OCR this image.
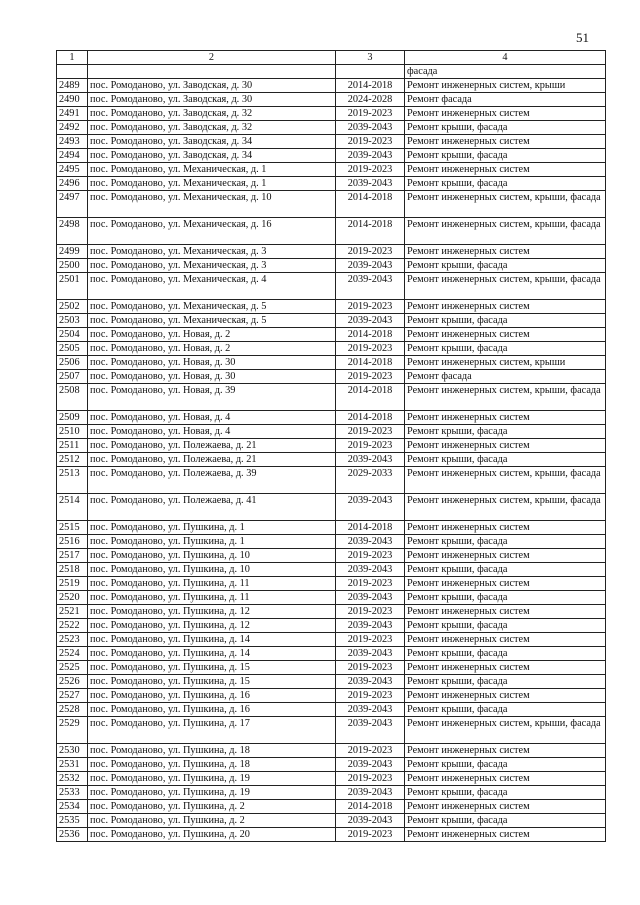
51
1	2	3	4
			фасада
2489	пос. Ромоданово, ул. Заводская, д. 30	2014-2018	Ремонт инженерных систем, крыши
2490	пос. Ромоданово, ул. Заводская, д. 30	2024-2028	Ремонт фасада
2491	пос. Ромоданово, ул. Заводская, д. 32	2019-2023	Ремонт инженерных систем
2492	пос. Ромоданово, ул. Заводская, д. 32	2039-2043	Ремонт крыши, фасада
2493	пос. Ромоданово, ул. Заводская, д. 34	2019-2023	Ремонт инженерных систем
2494	пос. Ромоданово, ул. Заводская, д. 34	2039-2043	Ремонт крыши, фасада
2495	пос. Ромоданово, ул. Механическая, д. 1	2019-2023	Ремонт инженерных систем
2496	пос. Ромоданово, ул. Механическая, д. 1	2039-2043	Ремонт крыши, фасада
2497	пос. Ромоданово, ул. Механическая, д. 10	2014-2018	Ремонт инженерных систем, крыши, фасада
2498	пос. Ромоданово, ул. Механическая, д. 16	2014-2018	Ремонт инженерных систем, крыши, фасада
2499	пос. Ромоданово, ул. Механическая, д. 3	2019-2023	Ремонт инженерных систем
2500	пос. Ромоданово, ул. Механическая, д. 3	2039-2043	Ремонт крыши, фасада
2501	пос. Ромоданово, ул. Механическая, д. 4	2039-2043	Ремонт инженерных систем, крыши, фасада
2502	пос. Ромоданово, ул. Механическая, д. 5	2019-2023	Ремонт инженерных систем
2503	пос. Ромоданово, ул. Механическая, д. 5	2039-2043	Ремонт крыши, фасада
2504	пос. Ромоданово, ул. Новая, д. 2	2014-2018	Ремонт инженерных систем
2505	пос. Ромоданово, ул. Новая, д. 2	2019-2023	Ремонт крыши, фасада
2506	пос. Ромоданово, ул. Новая, д. 30	2014-2018	Ремонт инженерных систем, крыши
2507	пос. Ромоданово, ул. Новая, д. 30	2019-2023	Ремонт фасада
2508	пос. Ромоданово, ул. Новая, д. 39	2014-2018	Ремонт инженерных систем, крыши, фасада
2509	пос. Ромоданово, ул. Новая, д. 4	2014-2018	Ремонт инженерных систем
2510	пос. Ромоданово, ул. Новая, д. 4	2019-2023	Ремонт крыши, фасада
2511	пос. Ромоданово, ул. Полежаева, д. 21	2019-2023	Ремонт инженерных систем
2512	пос. Ромоданово, ул. Полежаева, д. 21	2039-2043	Ремонт крыши, фасада
2513	пос. Ромоданово, ул. Полежаева, д. 39	2029-2033	Ремонт инженерных систем, крыши, фасада
2514	пос. Ромоданово, ул. Полежаева, д. 41	2039-2043	Ремонт инженерных систем, крыши, фасада
2515	пос. Ромоданово, ул. Пушкина, д. 1	2014-2018	Ремонт инженерных систем
2516	пос. Ромоданово, ул. Пушкина, д. 1	2039-2043	Ремонт крыши, фасада
2517	пос. Ромоданово, ул. Пушкина, д. 10	2019-2023	Ремонт инженерных систем
2518	пос. Ромоданово, ул. Пушкина, д. 10	2039-2043	Ремонт крыши, фасада
2519	пос. Ромоданово, ул. Пушкина, д. 11	2019-2023	Ремонт инженерных систем
2520	пос. Ромоданово, ул. Пушкина, д. 11	2039-2043	Ремонт крыши, фасада
2521	пос. Ромоданово, ул. Пушкина, д. 12	2019-2023	Ремонт инженерных систем
2522	пос. Ромоданово, ул. Пушкина, д. 12	2039-2043	Ремонт крыши, фасада
2523	пос. Ромоданово, ул. Пушкина, д. 14	2019-2023	Ремонт инженерных систем
2524	пос. Ромоданово, ул. Пушкина, д. 14	2039-2043	Ремонт крыши, фасада
2525	пос. Ромоданово, ул. Пушкина, д. 15	2019-2023	Ремонт инженерных систем
2526	пос. Ромоданово, ул. Пушкина, д. 15	2039-2043	Ремонт крыши, фасада
2527	пос. Ромоданово, ул. Пушкина, д. 16	2019-2023	Ремонт инженерных систем
2528	пос. Ромоданово, ул. Пушкина, д. 16	2039-2043	Ремонт крыши, фасада
2529	пос. Ромоданово, ул. Пушкина, д. 17	2039-2043	Ремонт инженерных систем, крыши, фасада
2530	пос. Ромоданово, ул. Пушкина, д. 18	2019-2023	Ремонт инженерных систем
2531	пос. Ромоданово, ул. Пушкина, д. 18	2039-2043	Ремонт крыши, фасада
2532	пос. Ромоданово, ул. Пушкина, д. 19	2019-2023	Ремонт инженерных систем
2533	пос. Ромоданово, ул. Пушкина, д. 19	2039-2043	Ремонт крыши, фасада
2534	пос. Ромоданово, ул. Пушкина, д. 2	2014-2018	Ремонт инженерных систем
2535	пос. Ромоданово, ул. Пушкина, д. 2	2039-2043	Ремонт крыши, фасада
2536	пос. Ромоданово, ул. Пушкина, д. 20	2019-2023	Ремонт инженерных систем
